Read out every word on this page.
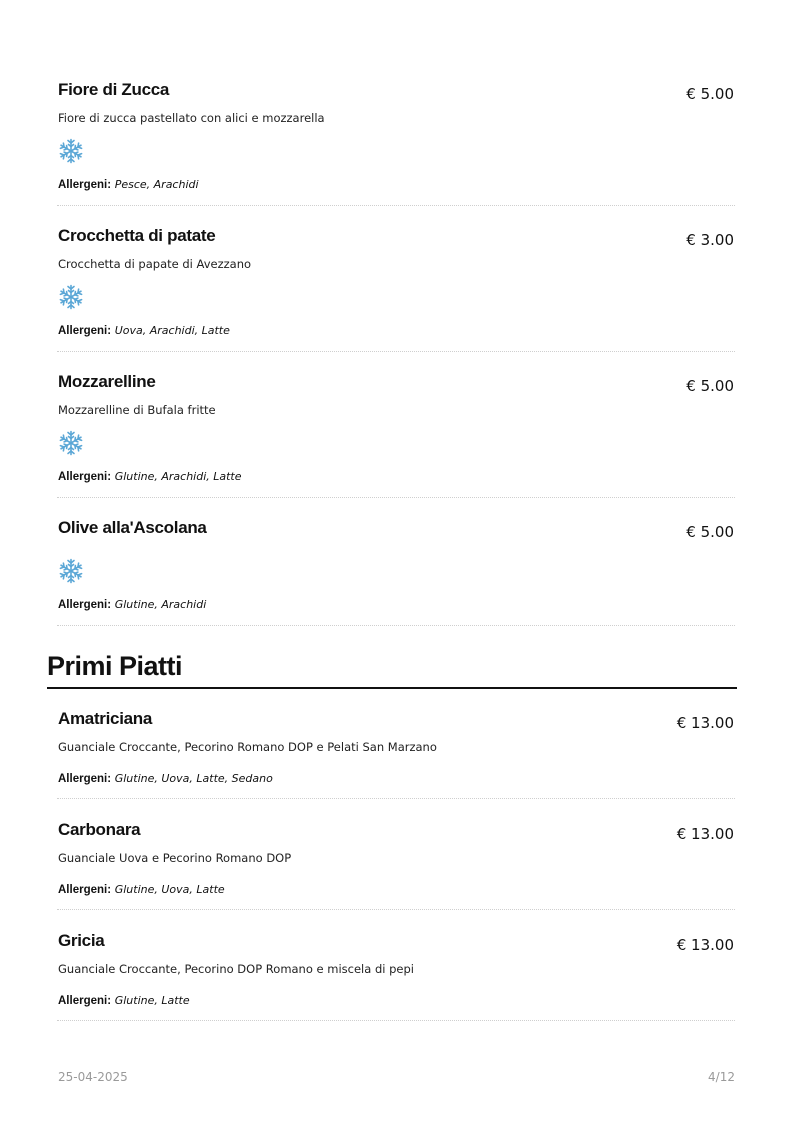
Fiore di Zucca	€ 5.00
Fiore di zucca pastellato con alici e mozzarella
Allergeni: Pesce, Arachidi
Crocchetta di patate	€ 3.00
Crocchetta di papate di Avezzano
Allergeni: Uova, Arachidi, Latte
Mozzarelline	€ 5.00
Mozzarelline di Bufala fritte
Allergeni: Glutine, Arachidi, Latte
Olive alla'Ascolana	€ 5.00
Allergeni: Glutine, Arachidi
Primi Piatti
Amatriciana	€ 13.00
Guanciale Croccante, Pecorino Romano DOP e Pelati San Marzano
Allergeni: Glutine, Uova, Latte, Sedano
Carbonara	€ 13.00
Guanciale Uova e Pecorino Romano DOP
Allergeni: Glutine, Uova, Latte
Gricia	€ 13.00
Guanciale Croccante, Pecorino DOP Romano e miscela di pepi
Allergeni: Glutine, Latte
25-04-2025	4/12
